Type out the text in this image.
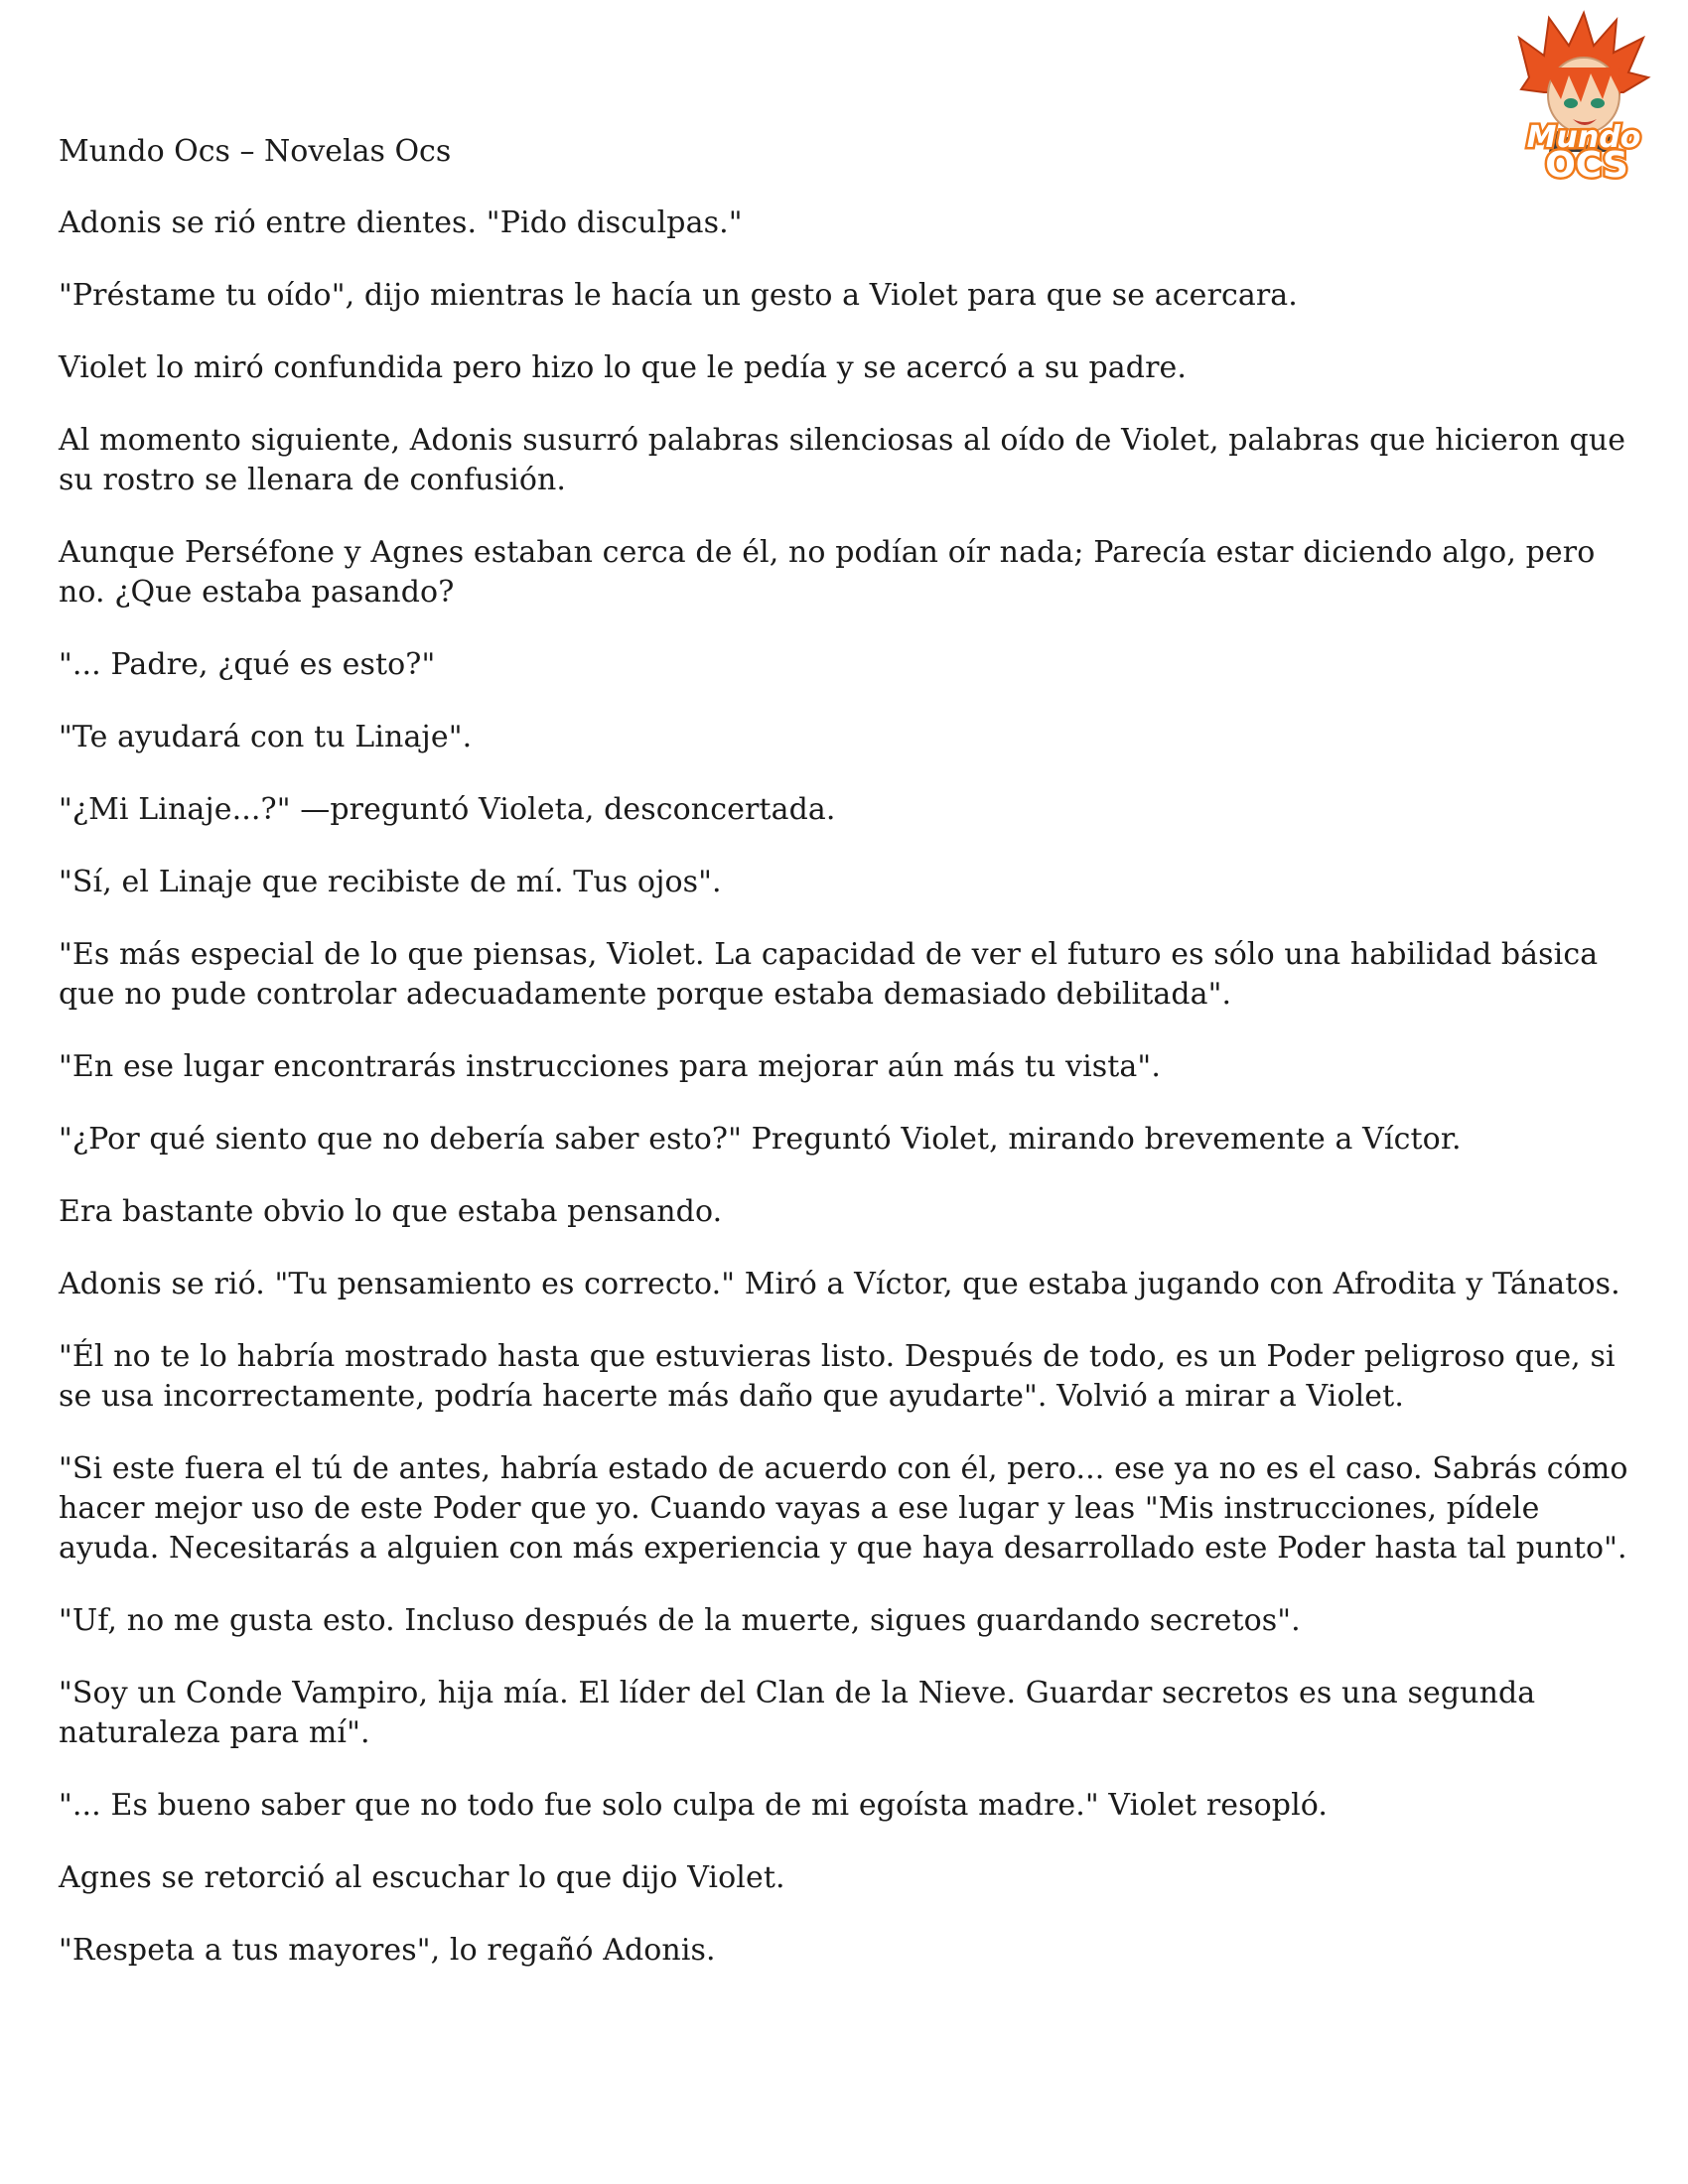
Mundo
OCS
Mundo Ocs – Novelas Ocs

Adonis se rió entre dientes. "Pido disculpas."

"Préstame tu oído", dijo mientras le hacía un gesto a Violet para que se acercara.

Violet lo miró confundida pero hizo lo que le pedía y se acercó a su padre.

Al momento siguiente, Adonis susurró palabras silenciosas al oído de Violet, palabras que hicieron que su rostro se llenara de confusión.

Aunque Perséfone y Agnes estaban cerca de él, no podían oír nada; Parecía estar diciendo algo, pero no. ¿Que estaba pasando?

"... Padre, ¿qué es esto?"

"Te ayudará con tu Linaje".

"¿Mi Linaje...?" —preguntó Violeta, desconcertada.

"Sí, el Linaje que recibiste de mí. Tus ojos".

"Es más especial de lo que piensas, Violet. La capacidad de ver el futuro es sólo una habilidad básica que no pude controlar adecuadamente porque estaba demasiado debilitada".

"En ese lugar encontrarás instrucciones para mejorar aún más tu vista".

"¿Por qué siento que no debería saber esto?" Preguntó Violet, mirando brevemente a Víctor.

Era bastante obvio lo que estaba pensando.

Adonis se rió. "Tu pensamiento es correcto." Miró a Víctor, que estaba jugando con Afrodita y Tánatos.

"Él no te lo habría mostrado hasta que estuvieras listo. Después de todo, es un Poder peligroso que, si se usa incorrectamente, podría hacerte más daño que ayudarte". Volvió a mirar a Violet.

"Si este fuera el tú de antes, habría estado de acuerdo con él, pero... ese ya no es el caso. Sabrás cómo hacer mejor uso de este Poder que yo. Cuando vayas a ese lugar y leas "Mis instrucciones, pídele ayuda. Necesitarás a alguien con más experiencia y que haya desarrollado este Poder hasta tal punto".

"Uf, no me gusta esto. Incluso después de la muerte, sigues guardando secretos".

"Soy un Conde Vampiro, hija mía. El líder del Clan de la Nieve. Guardar secretos es una segunda naturaleza para mí".

"... Es bueno saber que no todo fue solo culpa de mi egoísta madre." Violet resopló.

Agnes se retorció al escuchar lo que dijo Violet.

"Respeta a tus mayores", lo regañó Adonis.
